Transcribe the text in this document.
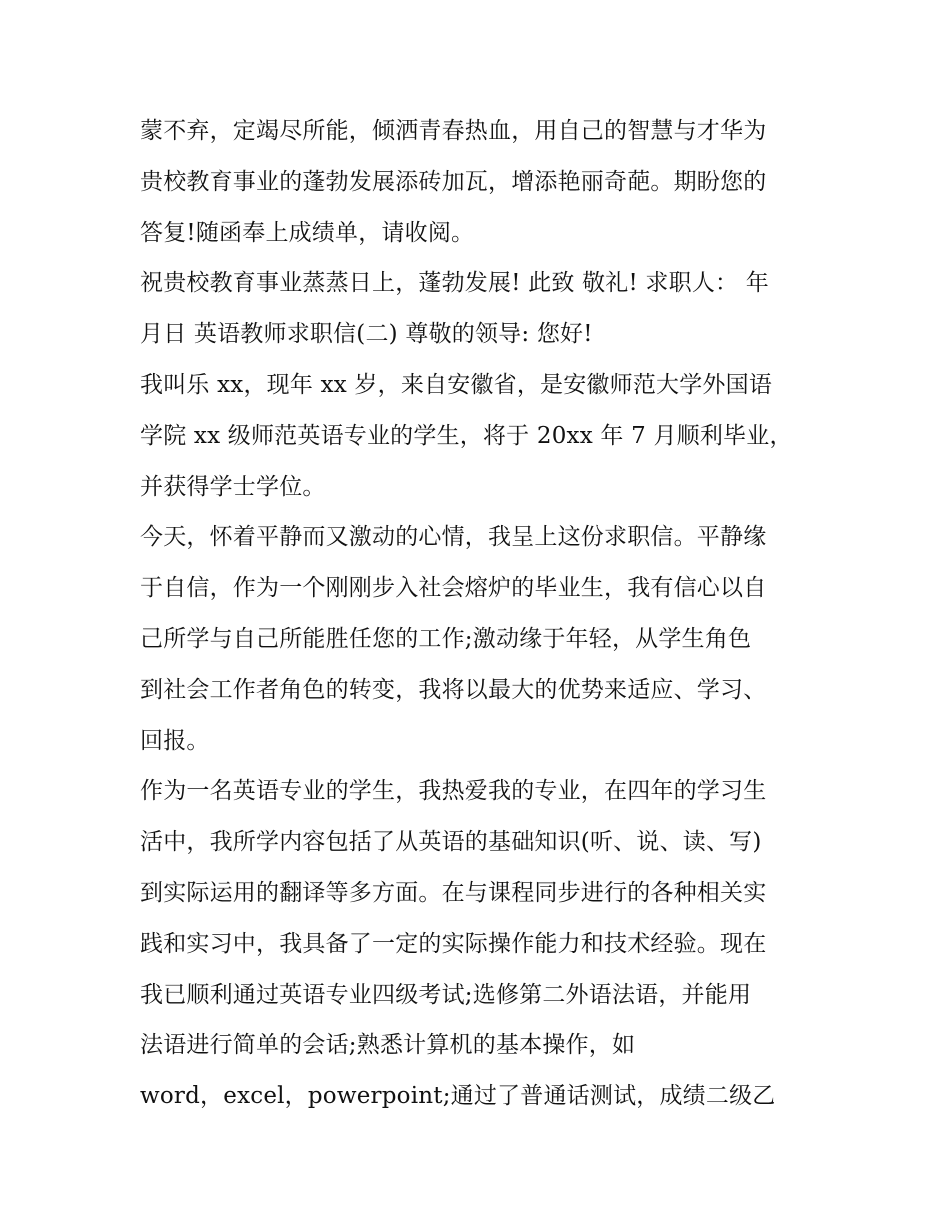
蒙不弃，定竭尽所能，倾洒青春热血，用自己的智慧与才华为
贵校教育事业的蓬勃发展添砖加瓦，增添艳丽奇葩。期盼您的
答复!随函奉上成绩单，请收阅。
祝贵校教育事业蒸蒸日上，蓬勃发展! 此致 敬礼! 求职人： 年
月日 英语教师求职信(二) 尊敬的领导: 您好!
我叫乐 xx，现年 xx 岁，来自安徽省，是安徽师范大学外国语
学院 xx 级师范英语专业的学生，将于 20xx 年 7 月顺利毕业，
并获得学士学位。
今天，怀着平静而又激动的心情，我呈上这份求职信。平静缘
于自信，作为一个刚刚步入社会熔炉的毕业生，我有信心以自
己所学与自己所能胜任您的工作;激动缘于年轻，从学生角色
到社会工作者角色的转变，我将以最大的优势来适应、学习、
回报。
作为一名英语专业的学生，我热爱我的专业，在四年的学习生
活中，我所学内容包括了从英语的基础知识(听、说、读、写)
到实际运用的翻译等多方面。在与课程同步进行的各种相关实
践和实习中，我具备了一定的实际操作能力和技术经验。现在
我已顺利通过英语专业四级考试;选修第二外语法语，并能用
法语进行简单的会话;熟悉计算机的基本操作，如
word，excel，powerpoint;通过了普通话测试，成绩二级乙
